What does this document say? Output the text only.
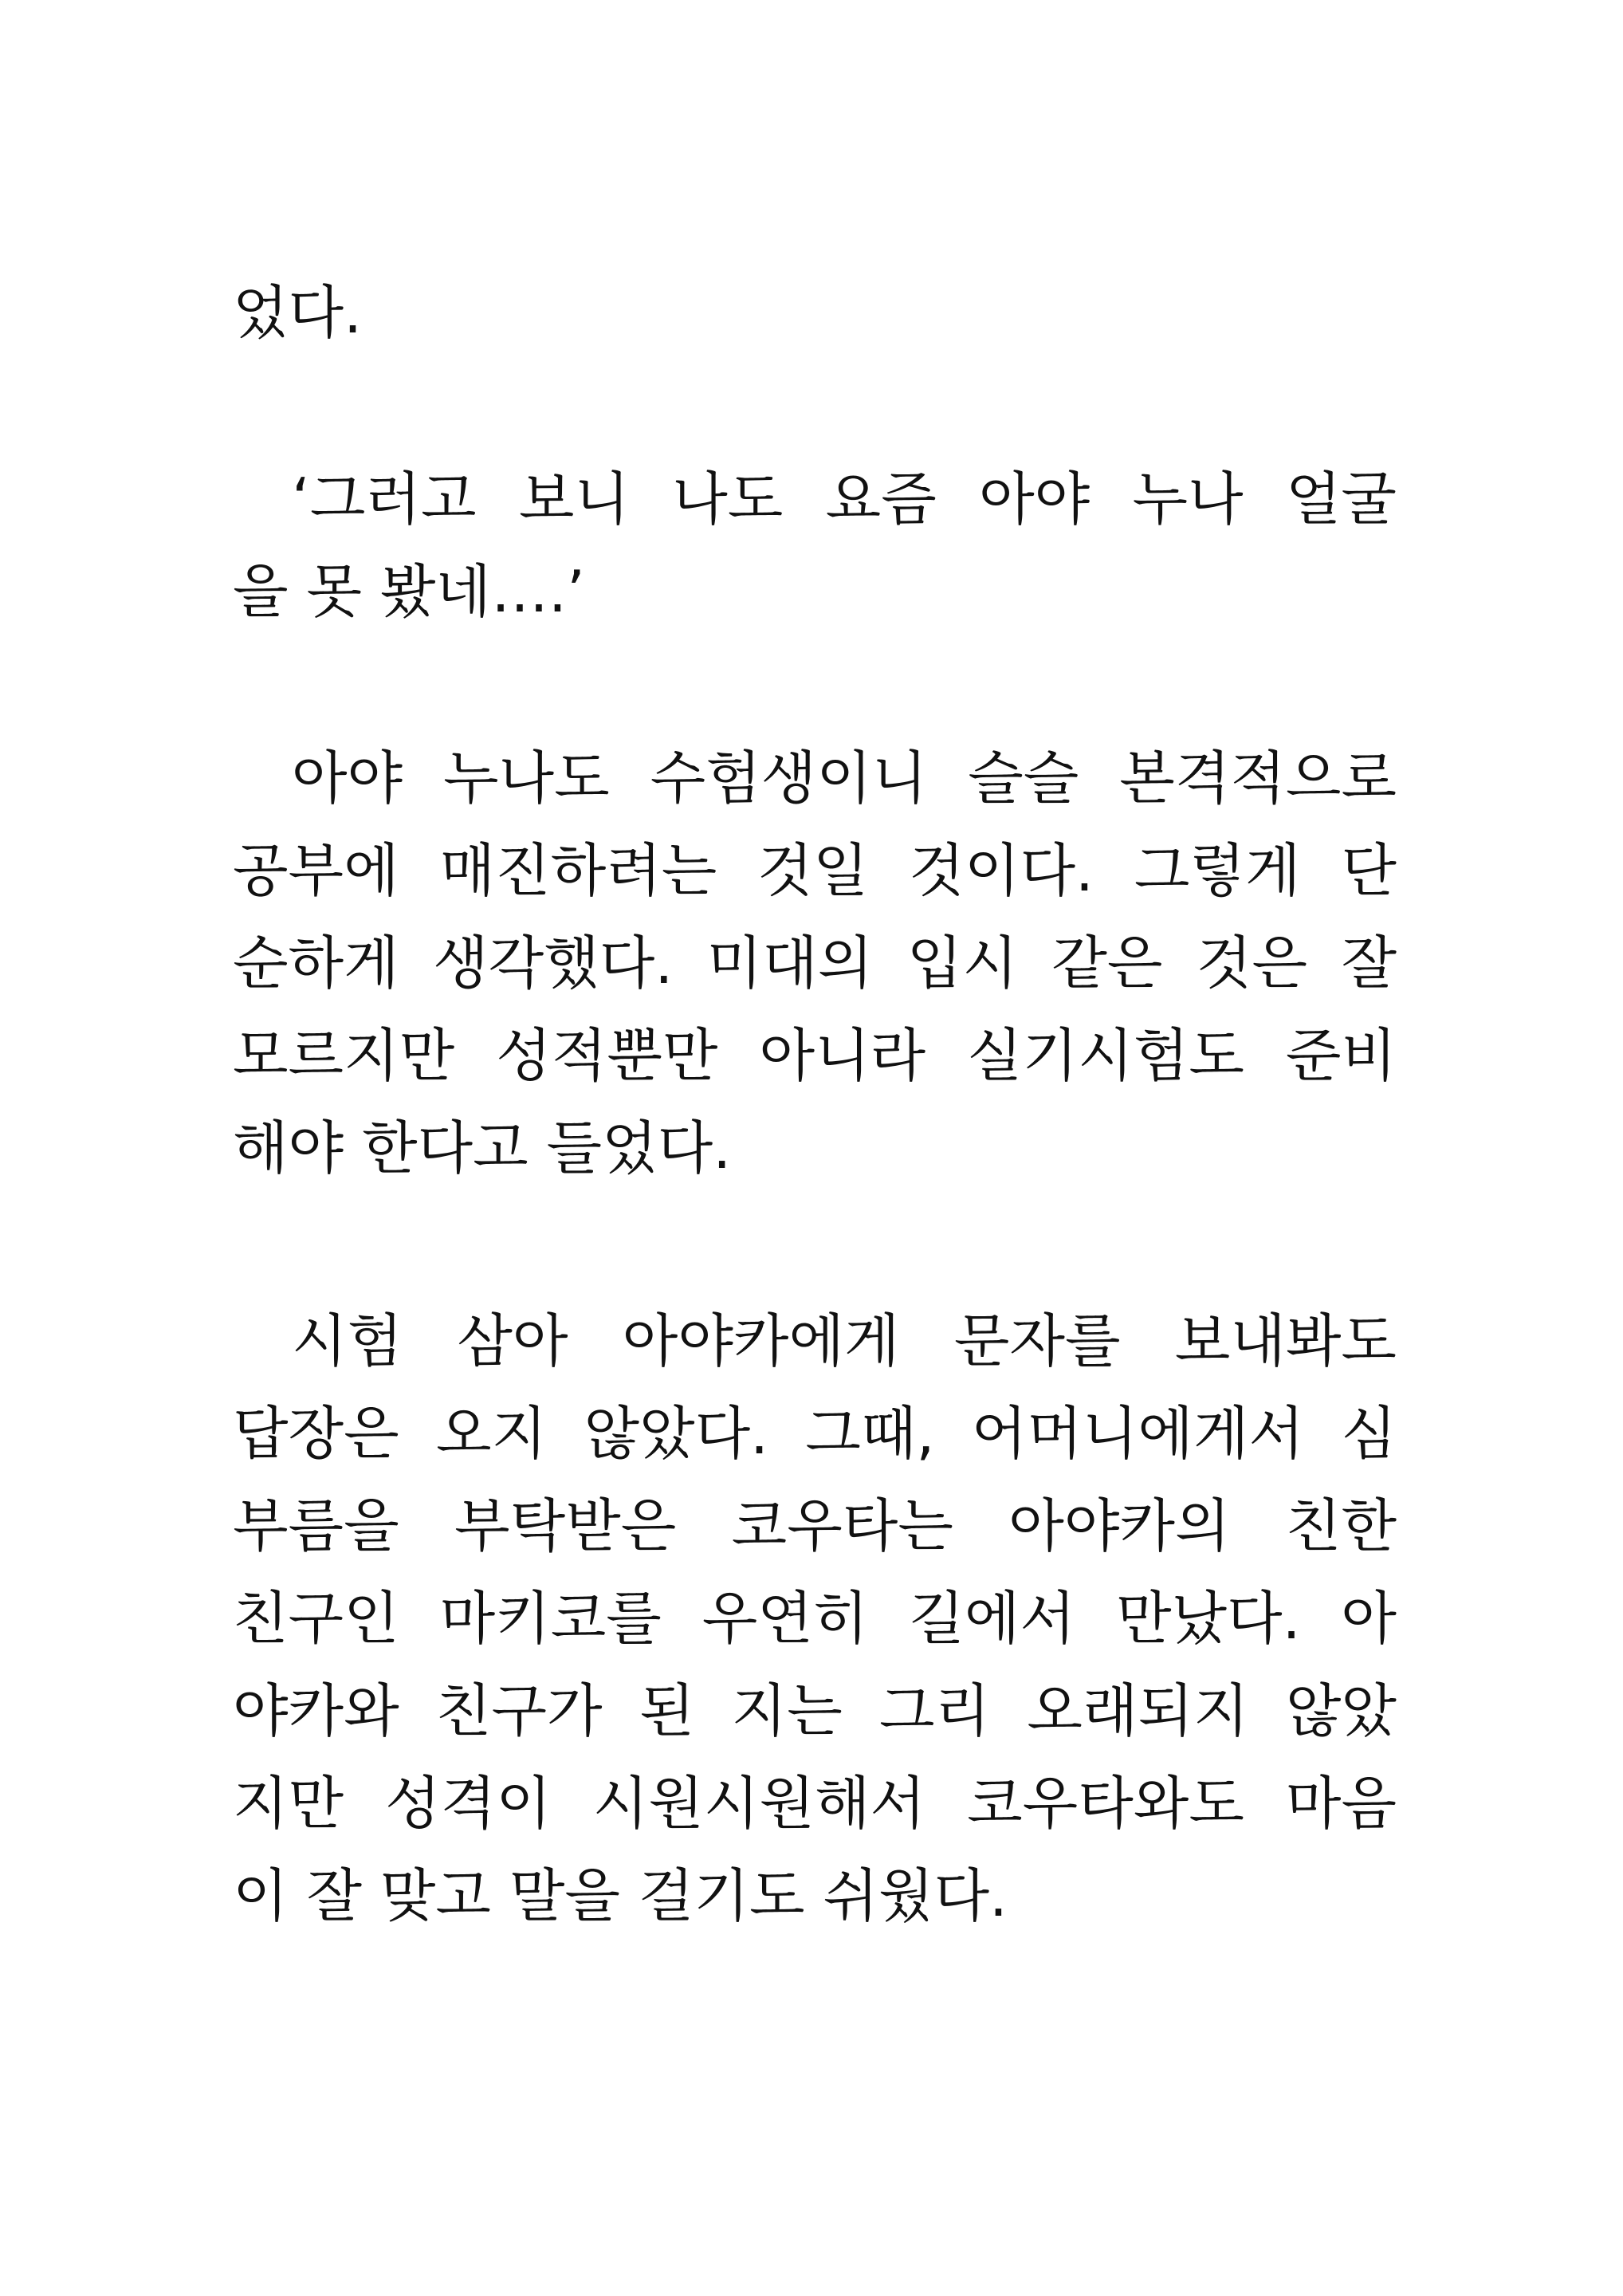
었다.
‘그러고 보니 나도 요즘 아야 누나 얼굴
을 못 봤네….’
아야 누나도 수험생이니 슬슬 본격적으로
공부에 매진하려는 것일 것이다. 그렇게 단
순하게 생각했다. 미대의 입시 같은 것은 잘
모르지만 성적뿐만 아니라 실기시험도 준비
해야 한다고 들었다.
시험 삼아 아야카에게 문자를 보내봐도
답장은 오지 않았다. 그때, 어머니에게서 심
부름을 부탁받은 코우타는 아야카의 친한
친구인 마키코를 우연히 길에서 만났다. 아
야카와 친구가 된 지는 그리 오래되지 않았
지만 성격이 시원시원해서 코우타와도 마음
이 잘 맞고 말을 걸기도 쉬웠다.
